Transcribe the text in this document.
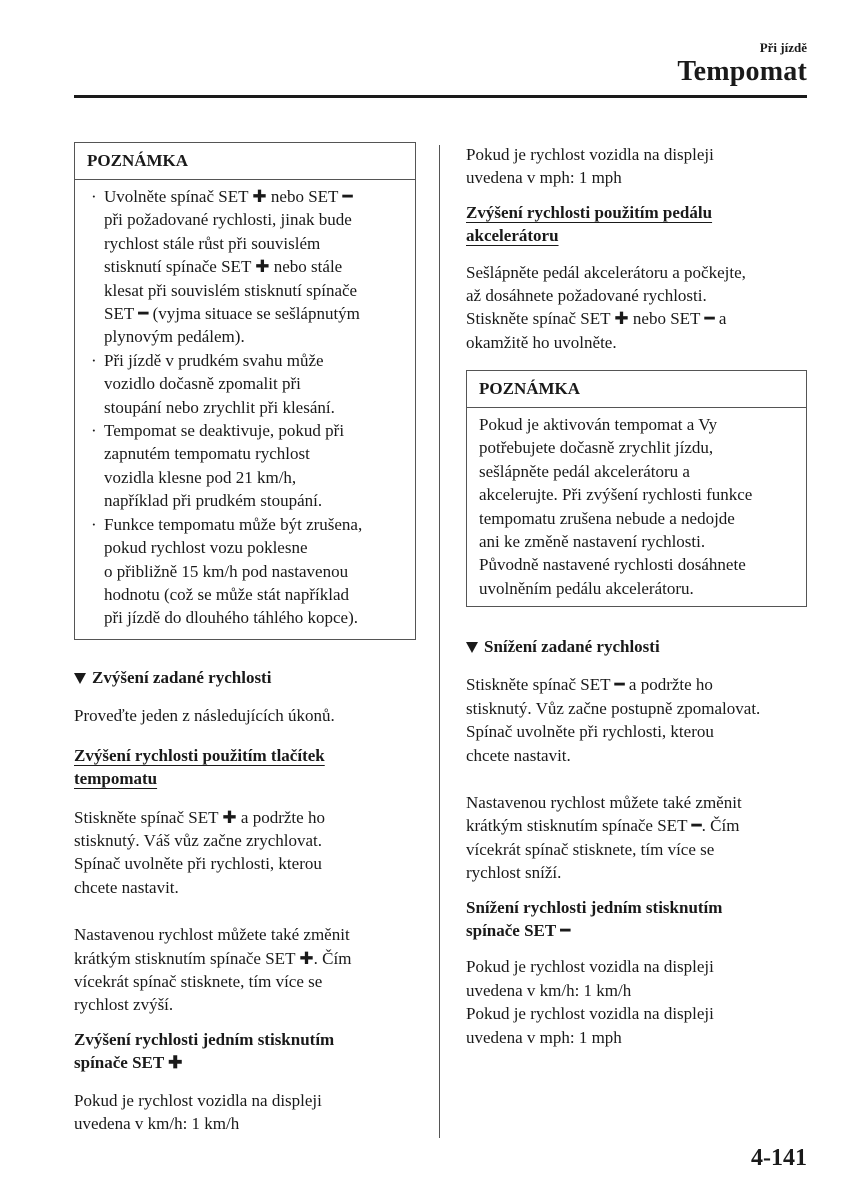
Při jízdě
Tempomat
POZNÁMKA
· Uvolněte spínač SET ✚ nebo SET ━
při požadované rychlosti, jinak bude
rychlost stále růst při souvislém
stisknutí spínače SET ✚ nebo stále
klesat při souvislém stisknutí spínače
SET ━ (vyjma situace se sešlápnutým
plynovým pedálem).
· Při jízdě v prudkém svahu může
vozidlo dočasně zpomalit při
stoupání nebo zrychlit při klesání.
· Tempomat se deaktivuje, pokud při
zapnutém tempomatu rychlost
vozidla klesne pod 21 km/h,
například při prudkém stoupání.
· Funkce tempomatu může být zrušena,
pokud rychlost vozu poklesne
o přibližně 15 km/h pod nastavenou
hodnotu (což se může stát například
při jízdě do dlouhého táhlého kopce).
Zvýšení zadané rychlosti
Proveďte jeden z následujících úkonů.
Zvýšení rychlosti použitím tlačítek

tempomatu
Stiskněte spínač SET ✚ a podržte ho
stisknutý. Váš vůz začne zrychlovat.
Spínač uvolněte při rychlosti, kterou
chcete nastavit.
Nastavenou rychlost můžete také změnit
krátkým stisknutím spínače SET ✚. Čím
vícekrát spínač stisknete, tím více se
rychlost zvýší.
Zvýšení rychlosti jedním stisknutím
spínače SET ✚
Pokud je rychlost vozidla na displeji
uvedena v km/h: 1 km/h
Pokud je rychlost vozidla na displeji
uvedena v mph: 1 mph
Zvýšení rychlosti použitím pedálu

akcelerátoru
Sešlápněte pedál akcelerátoru a počkejte,
až dosáhnete požadované rychlosti.
Stiskněte spínač SET ✚ nebo SET ━ a
okamžitě ho uvolněte.
POZNÁMKA
Pokud je aktivován tempomat a Vy
potřebujete dočasně zrychlit jízdu,
sešlápněte pedál akcelerátoru a
akcelerujte. Při zvýšení rychlosti funkce
tempomatu zrušena nebude a nedojde
ani ke změně nastavení rychlosti.
Původně nastavené rychlosti dosáhnete
uvolněním pedálu akcelerátoru.
Snížení zadané rychlosti
Stiskněte spínač SET ━ a podržte ho
stisknutý. Vůz začne postupně zpomalovat.
Spínač uvolněte při rychlosti, kterou
chcete nastavit.
Nastavenou rychlost můžete také změnit
krátkým stisknutím spínače SET ━. Čím
vícekrát spínač stisknete, tím více se
rychlost sníží.
Snížení rychlosti jedním stisknutím
spínače SET ━
Pokud je rychlost vozidla na displeji
uvedena v km/h: 1 km/h
Pokud je rychlost vozidla na displeji
uvedena v mph: 1 mph
4-141
